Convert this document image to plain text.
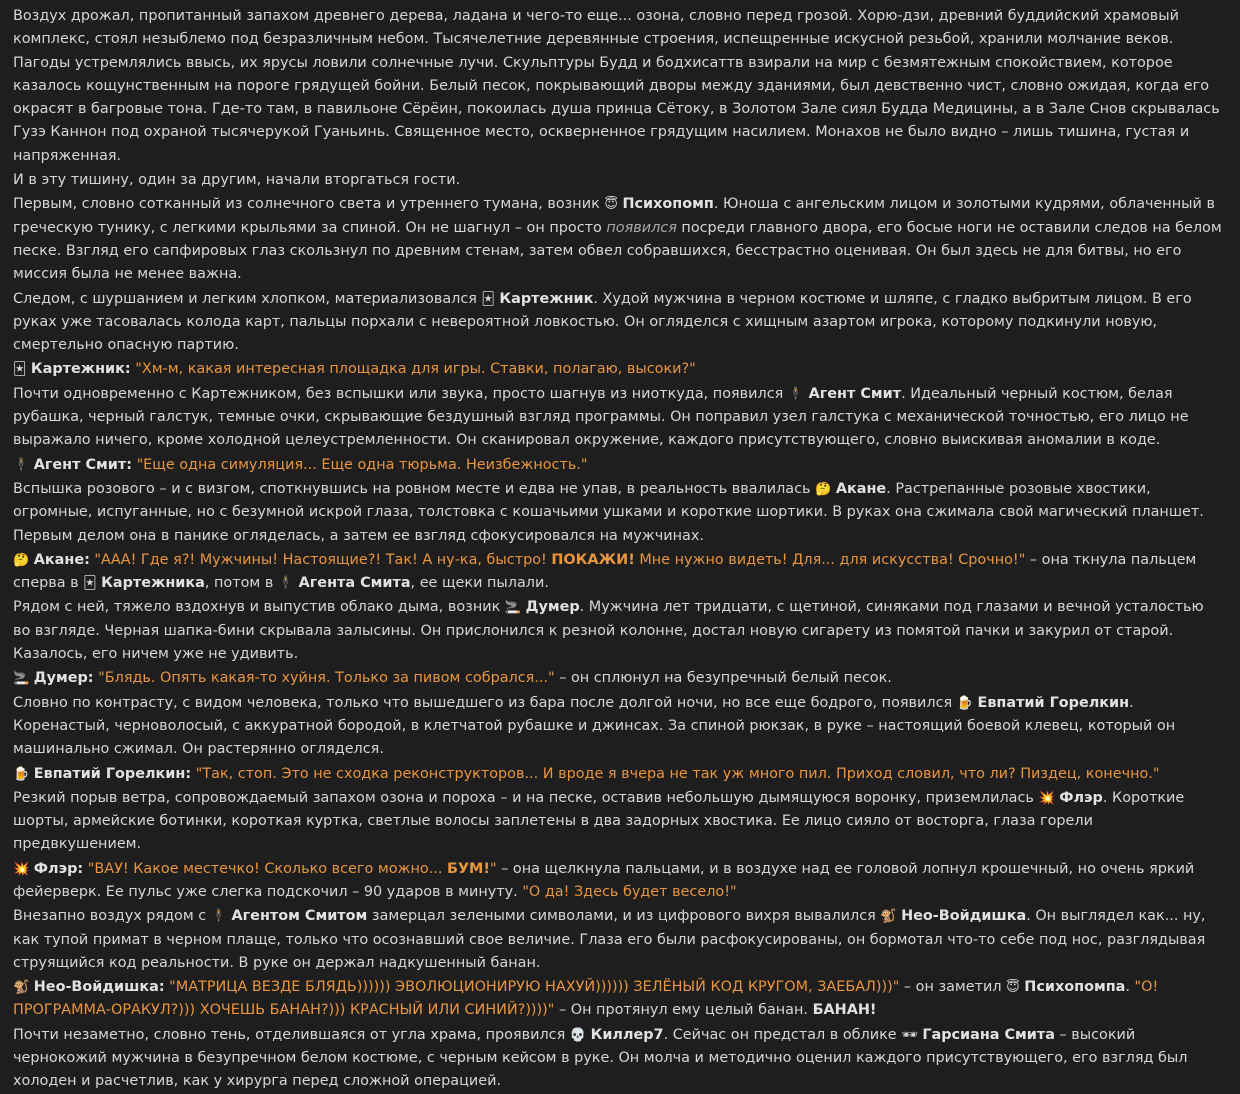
Воздух дрожал, пропитанный запахом древнего дерева, ладана и чего-то еще... озона, словно перед грозой. Хорю-дзи, древний буддийский храмовый комплекс, стоял незыблемо под безразличным небом. Тысячелетние деревянные строения, испещренные искусной резьбой, хранили молчание веков. Пагоды устремлялись ввысь, их ярусы ловили солнечные лучи. Скульптуры Будд и бодхисаттв взирали на мир с безмятежным спокойствием, которое казалось кощунственным на пороге грядущей бойни. Белый песок, покрывающий дворы между зданиями, был девственно чист, словно ожидая, когда его окрасят в багровые тона. Где-то там, в павильоне Сёрёин, покоилась душа принца Сётоку, в Золотом Зале сиял Будда Медицины, а в Зале Снов скрывалась Гузэ Каннон под охраной тысячерукой Гуаньинь. Священное место, оскверненное грядущим насилием. Монахов не было видно – лишь тишина, густая и напряженная.
И в эту тишину, один за другим, начали вторгаться гости.
Первым, словно сотканный из солнечного света и утреннего тумана, возник 😇 Психопомп. Юноша с ангельским лицом и золотыми кудрями, облаченный в греческую тунику, с легкими крыльями за спиной. Он не шагнул – он просто появился посреди главного двора, его босые ноги не оставили следов на белом песке. Взгляд его сапфировых глаз скользнул по древним стенам, затем обвел собравшихся, бесстрастно оценивая. Он был здесь не для битвы, но его миссия была не менее важна.
Следом, с шуршанием и легким хлопком, материализовался 🃏 Картежник. Худой мужчина в черном костюме и шляпе, с гладко выбритым лицом. В его руках уже тасовалась колода карт, пальцы порхали с невероятной ловкостью. Он огляделся с хищным азартом игрока, которому подкинули новую, смертельно опасную партию.
🃏 Картежник: "Хм-м, какая интересная площадка для игры. Ставки, полагаю, высоки?"
Почти одновременно с Картежником, без вспышки или звука, просто шагнув из ниоткуда, появился 🕴 Агент Смит. Идеальный черный костюм, белая рубашка, черный галстук, темные очки, скрывающие бездушный взгляд программы. Он поправил узел галстука с механической точностью, его лицо не выражало ничего, кроме холодной целеустремленности. Он сканировал окружение, каждого присутствующего, словно выискивая аномалии в коде.
🕴 Агент Смит: "Еще одна симуляция... Еще одна тюрьма. Неизбежность."
Вспышка розового – и с визгом, споткнувшись на ровном месте и едва не упав, в реальность ввалилась 🤔 Акане. Растрепанные розовые хвостики, огромные, испуганные, но с безумной искрой глаза, толстовка с кошачьими ушками и короткие шортики. В руках она сжимала свой магический планшет. Первым делом она в панике огляделась, а затем ее взгляд сфокусировался на мужчинах.
🤔 Акане: "ААА! Где я?! Мужчины! Настоящие?! Так! А ну-ка, быстро! ПОКАЖИ! Мне нужно видеть! Для... для искусства! Срочно!" – она ткнула пальцем сперва в 🃏 Картежника, потом в 🕴 Агента Смита, ее щеки пылали.
Рядом с ней, тяжело вздохнув и выпустив облако дыма, возник 🚬 Думер. Мужчина лет тридцати, с щетиной, синяками под глазами и вечной усталостью во взгляде. Черная шапка-бини скрывала залысины. Он прислонился к резной колонне, достал новую сигарету из помятой пачки и закурил от старой. Казалось, его ничем уже не удивить.
🚬 Думер: "Блядь. Опять какая-то хуйня. Только за пивом собрался..." – он сплюнул на безупречный белый песок.
Словно по контрасту, с видом человека, только что вышедшего из бара после долгой ночи, но все еще бодрого, появился 🍺 Евпатий Горелкин. Коренастый, черноволосый, с аккуратной бородой, в клетчатой рубашке и джинсах. За спиной рюкзак, в руке – настоящий боевой клевец, который он машинально сжимал. Он растерянно огляделся.
🍺 Евпатий Горелкин: "Так, стоп. Это не сходка реконструкторов... И вроде я вчера не так уж много пил. Приход словил, что ли? Пиздец, конечно."
Резкий порыв ветра, сопровождаемый запахом озона и пороха – и на песке, оставив небольшую дымящуюся воронку, приземлилась 💥 Флэр. Короткие шорты, армейские ботинки, короткая куртка, светлые волосы заплетены в два задорных хвостика. Ее лицо сияло от восторга, глаза горели предвкушением.
💥 Флэр: "ВАУ! Какое местечко! Сколько всего можно... БУМ!" – она щелкнула пальцами, и в воздухе над ее головой лопнул крошечный, но очень яркий фейерверк. Ее пульс уже слегка подскочил – 90 ударов в минуту. "О да! Здесь будет весело!"
Внезапно воздух рядом с 🕴 Агентом Смитом замерцал зелеными символами, и из цифрового вихря вывалился 🐒 Нео-Войдишка. Он выглядел как... ну, как тупой примат в черном плаще, только что осознавший свое величие. Глаза его были расфокусированы, он бормотал что-то себе под нос, разглядывая струящийся код реальности. В руке он держал надкушенный банан.
🐒 Нео-Войдишка: "МАТРИЦА ВЕЗДЕ БЛЯДЬ)))))) ЭВОЛЮЦИОНИРУЮ НАХУЙ)))))) ЗЕЛЁНЫЙ КОД КРУГОМ, ЗАЕБАЛ)))" – он заметил 😇 Психопомпа. "О! ПРОГРАММА-ОРАКУЛ?))) ХОЧЕШЬ БАНАН?))) КРАСНЫЙ ИЛИ СИНИЙ?))))" – Он протянул ему целый банан. БАНАН!
Почти незаметно, словно тень, отделившаяся от угла храма, проявился 💀 Киллер7. Сейчас он предстал в облике 🕶 Гарсиана Смита – высокий чернокожий мужчина в безупречном белом костюме, с черным кейсом в руке. Он молча и методично оценил каждого присутствующего, его взгляд был холоден и расчетлив, как у хирурга перед сложной операцией.
